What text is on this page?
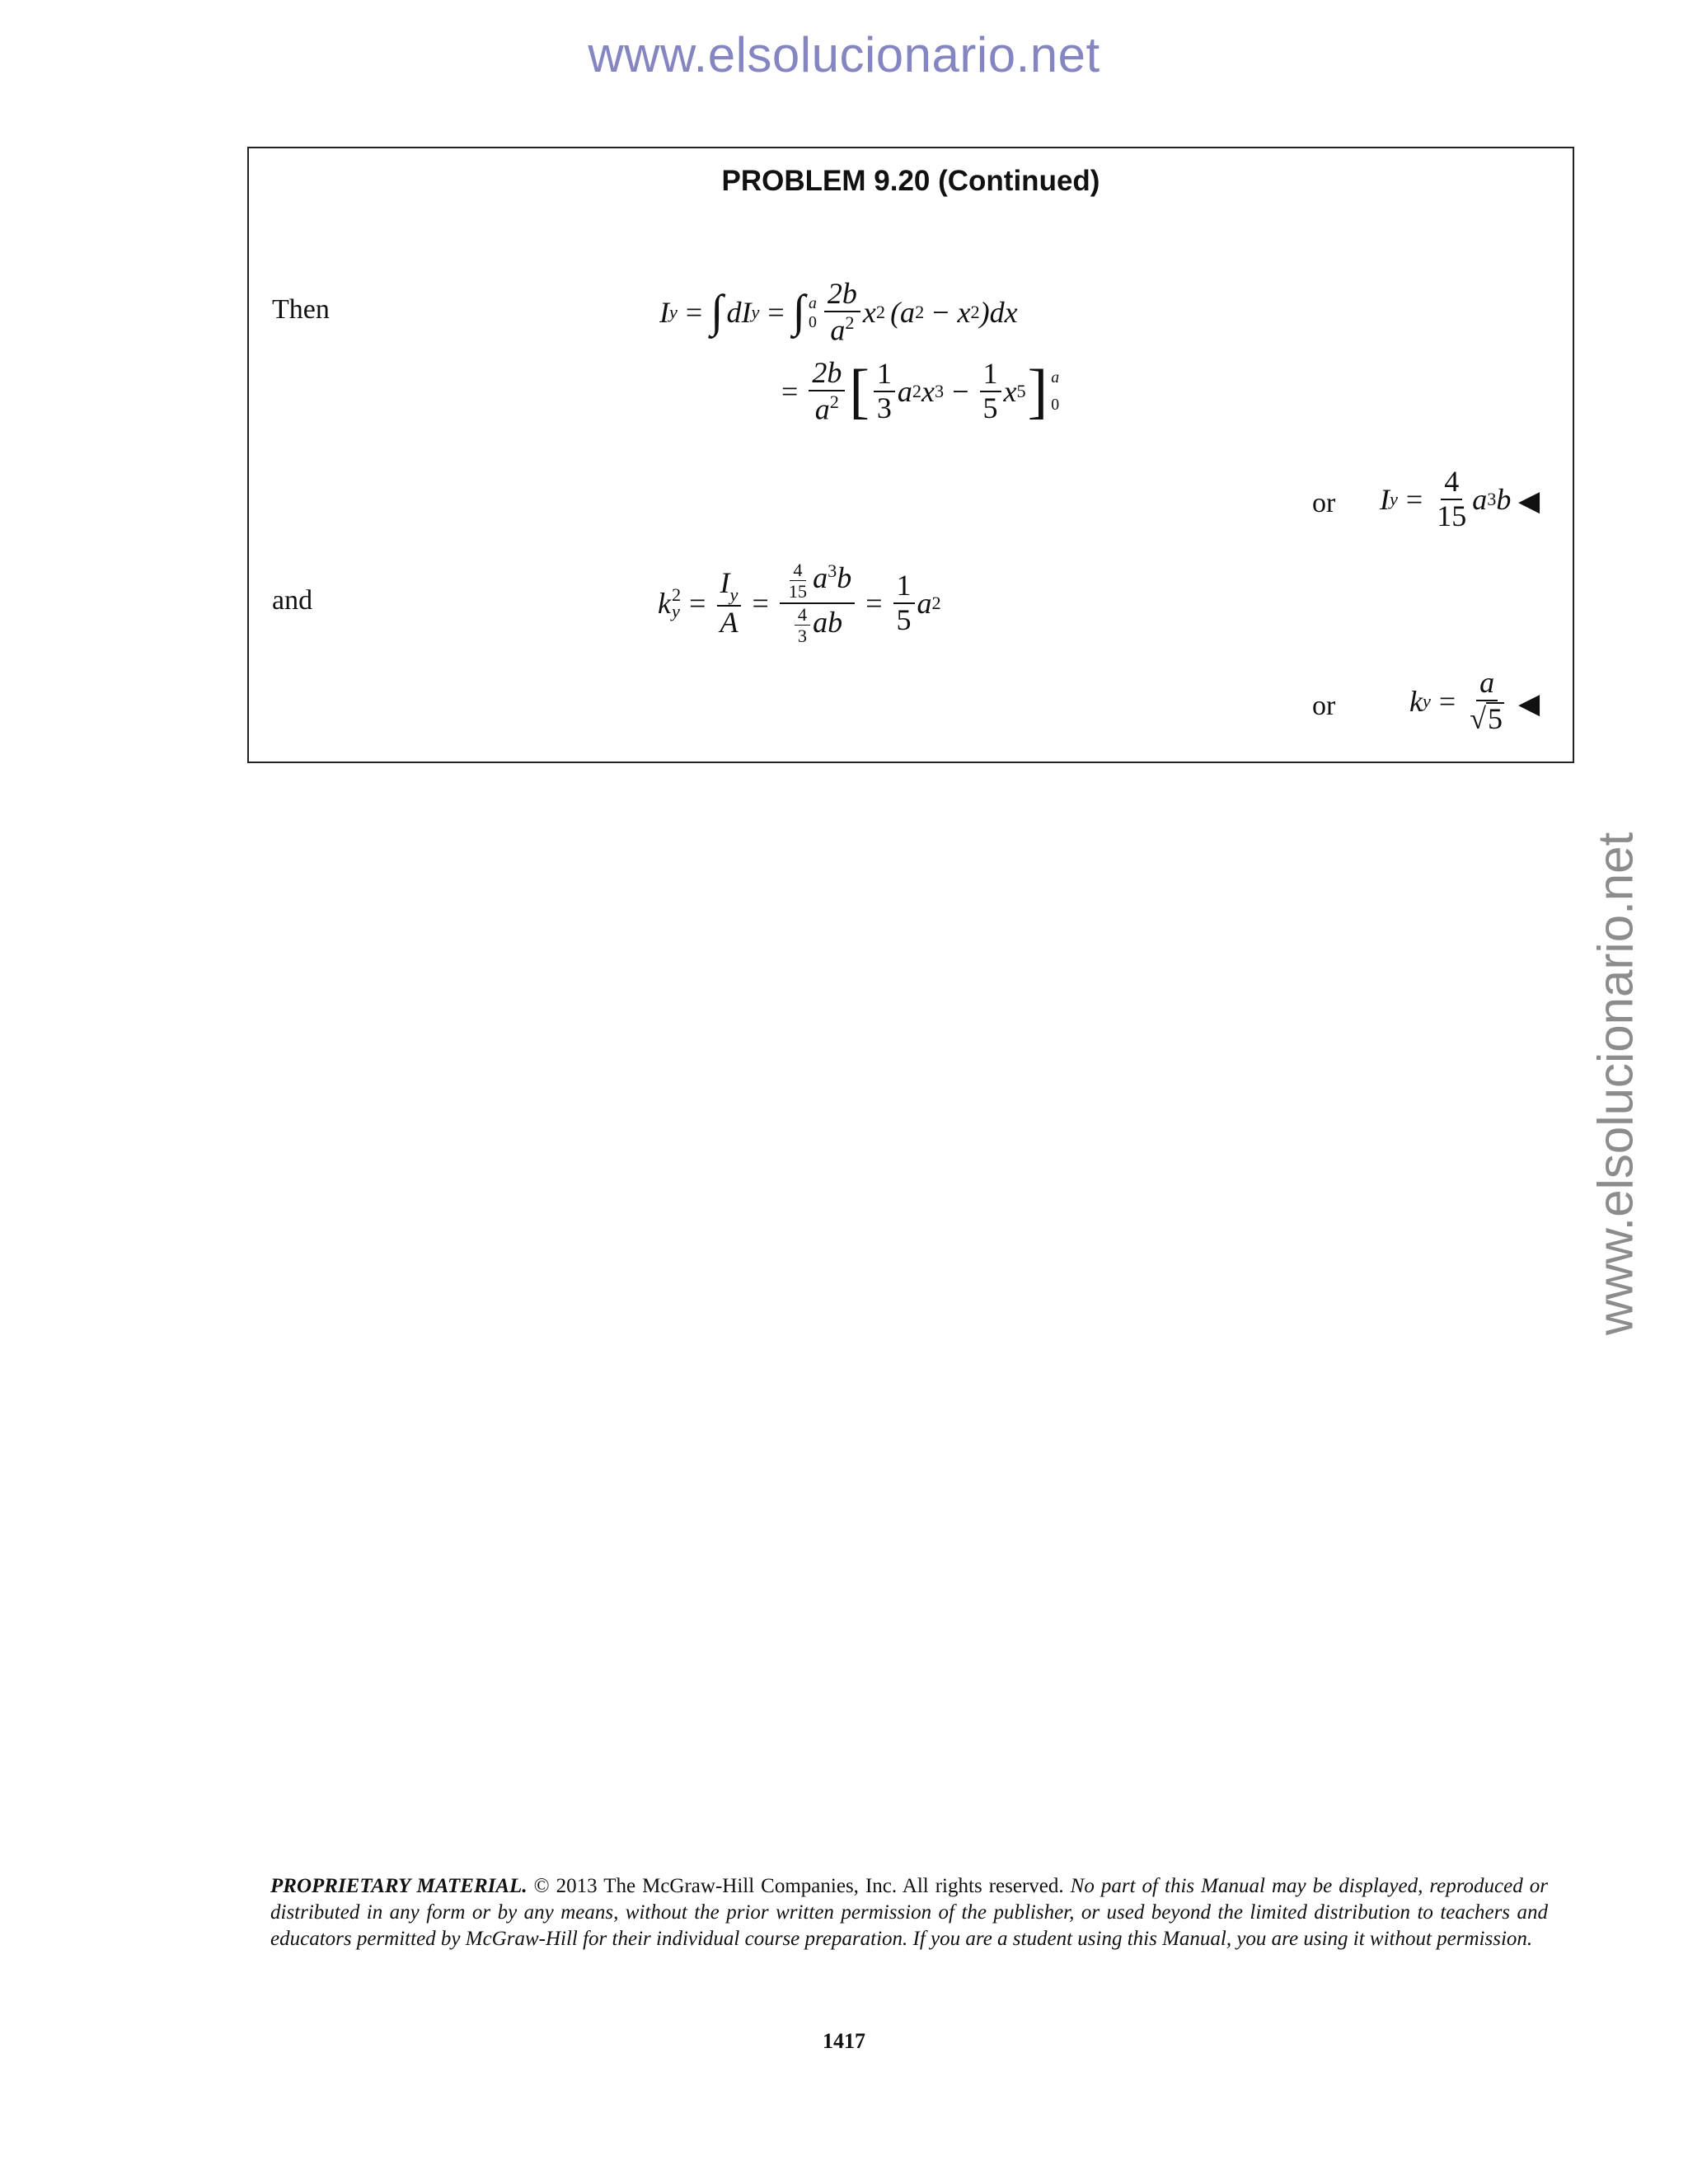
www.elsolucionario.net
www.elsolucionario.net
PROBLEM 9.20 (Continued)
Then	I y = ∫ dI y = ∫ a
$0 \frac{2b}{a^2}$ x 2 (a 2 − x 2 )dx
= $\frac{2b}{a^2}$ [ $\frac{1}{3}$ a 2 x $3 - \frac{1}{5}$ x 5 ] a
0
or I $y = \frac{4}{15}$ a 3 b ◀
and	k 2
$y = \frac{I_y}{A} = \frac{\frac{4}{15} a^3b}{\frac{4}{3} ab} = \frac{1}{5}$ a 2
or k $y = \frac{a}{√ 5}$ ◀
PROPRIETARY MATERIAL. © 2013 The McGraw-Hill Companies, Inc. All rights reserved. No part of this Manual may be displayed, reproduced or distributed in any form or by any means, without the prior written permission of the publisher, or used beyond the limited distribution to teachers and educators permitted by McGraw-Hill for their individual course preparation. If you are a student using this Manual, you are using it without permission.
1417
